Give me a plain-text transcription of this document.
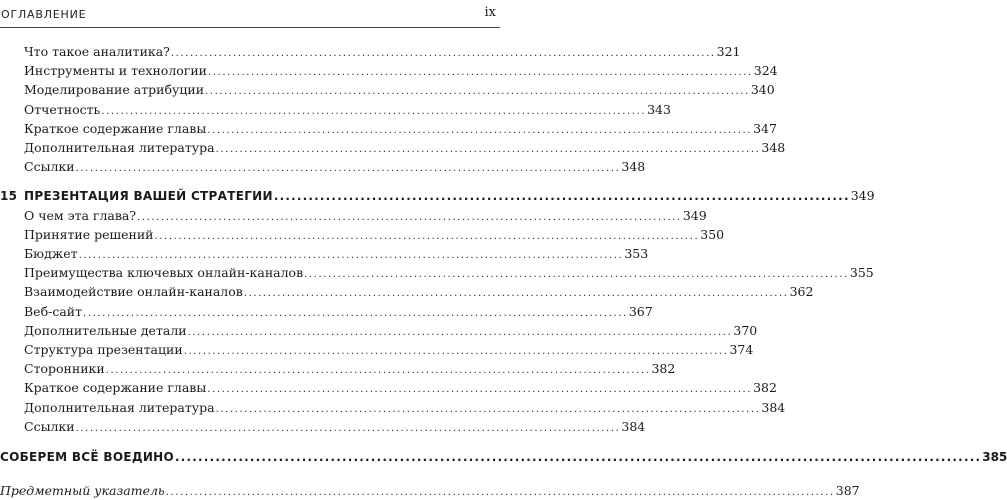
ОГЛАВЛЕНИЕ	ix
Что такое аналитика? .................................................................................................................. 321
Инструменты и технологии .................................................................................................................. 324
Моделирование атрибуции .................................................................................................................. 340
Отчетность .................................................................................................................. 343
Краткое содержание главы .................................................................................................................. 347
Дополнительная литература .................................................................................................................. 348
Ссылки .................................................................................................................. 348
15 ПРЕЗЕНТАЦИЯ ВАШЕЙ СТРАТЕГИИ .................................................................................................... 349
О чем эта глава? .................................................................................................................. 349
Принятие решений .................................................................................................................. 350
Бюджет .................................................................................................................. 353
Преимущества ключевых онлайн-каналов .................................................................................................................. 355
Взаимодействие онлайн-каналов .................................................................................................................. 362
Веб-сайт .................................................................................................................. 367
Дополнительные детали .................................................................................................................. 370
Структура презентации .................................................................................................................. 374
Сторонники .................................................................................................................. 382
Краткое содержание главы .................................................................................................................. 382
Дополнительная литература .................................................................................................................. 384
Ссылки .................................................................................................................. 384
СОБЕРЕМ ВСЁ ВОЕДИНО ............................................................................................................................................ 385
Предметный указатель ............................................................................................................................................ 387
